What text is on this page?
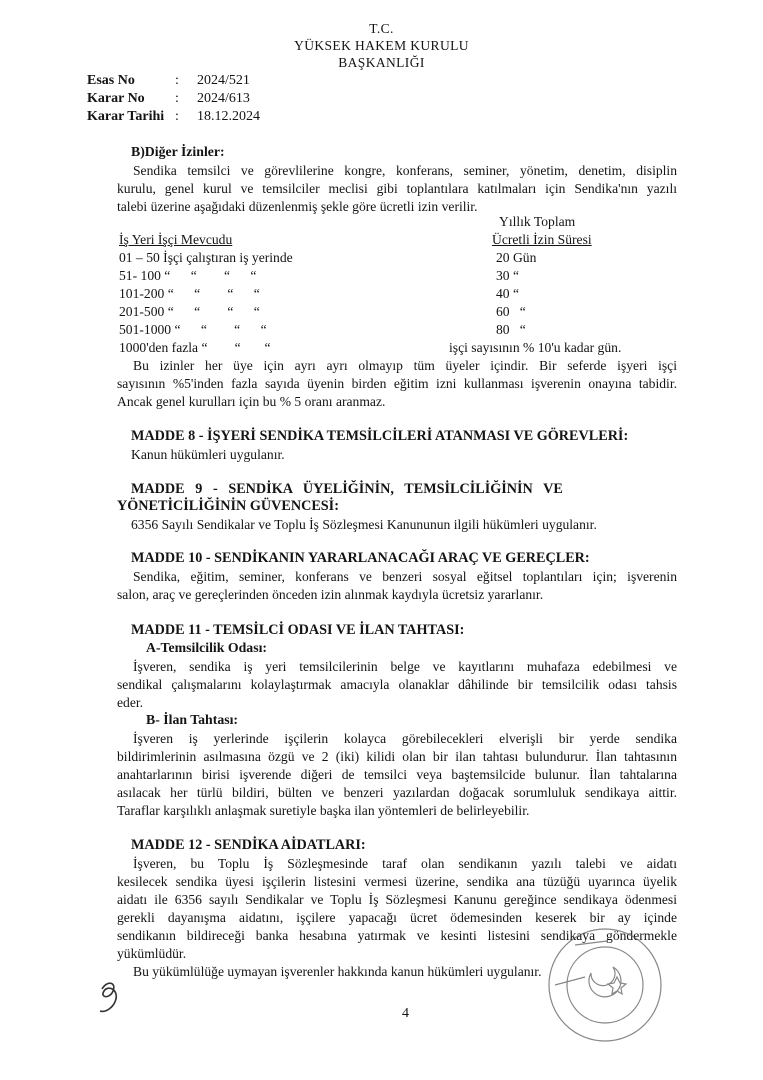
T.C.
YÜKSEK HAKEM KURULU
BAŞKANLIĞI
Esas No	: 2024/521
Karar No : 2024/613
Karar Tarihi : 18.12.2024
B)Diğer İzinler:
Sendika temsilci ve görevlilerine kongre, konferans, seminer, yönetim, denetim, disiplin
kurulu, genel kurul ve temsilciler meclisi gibi toplantılara katılmaları için Sendika'nın yazılı
talebi üzerine aşağıdaki düzenlenmiş şekle göre ücretli izin verilir.
Yıllık Toplam
İş Yeri İşçi Mevcudu	Ücretli İzin Süresi
01 – 50 İşçi çalıştıran iş yerinde	20 Gün
51- 100 “      “        “      “	30 “
101-200 “      “        “      “	40 “
201-500 “      “        “      “	60   “
501-1000 “      “        “      “	80   “
1000'den fazla “        “       “	işçi sayısının % 10'u kadar gün.
Bu izinler her üye için ayrı ayrı olmayıp tüm üyeler içindir. Bir seferde işyeri işçi
sayısının %5'inden fazla sayıda üyenin birden eğitim izni kullanması işverenin onayına tabidir.
Ancak genel kurulları için bu % 5 oranı aranmaz.
MADDE 8 - İŞYERİ SENDİKA TEMSİLCİLERİ ATANMASI VE GÖREVLERİ:
Kanun hükümleri uygulanır.
MADDE   9   -   SENDİKA   ÜYELİĞİNİN,   TEMSİLCİLİĞİNİN   VE
YÖNETİCİLİĞİNİN GÜVENCESİ:
6356 Sayılı Sendikalar ve Toplu İş Sözleşmesi Kanununun ilgili hükümleri uygulanır.
MADDE 10 - SENDİKANIN YARARLANACAĞI ARAÇ VE GEREÇLER:
Sendika, eğitim, seminer, konferans ve benzeri sosyal eğitsel toplantıları için; işverenin
salon, araç ve gereçlerinden önceden izin alınmak kaydıyla ücretsiz yararlanır.
MADDE 11 - TEMSİLCİ ODASI VE İLAN TAHTASI:
A-Temsilcilik Odası:
İşveren, sendika iş yeri temsilcilerinin belge ve kayıtlarını muhafaza edebilmesi ve
sendikal çalışmalarını kolaylaştırmak amacıyla olanaklar dâhilinde bir temsilcilik odası tahsis
eder.
B- İlan Tahtası:
İşveren iş yerlerinde işçilerin kolayca görebilecekleri elverişli bir yerde sendika
bildirimlerinin asılmasına özgü ve 2 (iki) kilidi olan bir ilan tahtası bulundurur. İlan tahtasının
anahtarlarının birisi işverende diğeri de temsilci veya baştemsilcide bulunur. İlan tahtalarına
asılacak her türlü bildiri, bülten ve benzeri yazılardan doğacak sorumluluk sendikaya aittir.
Taraflar karşılıklı anlaşmak suretiyle başka ilan yöntemleri de belirleyebilir.
MADDE 12 - SENDİKA AİDATLARI:
İşveren, bu Toplu İş Sözleşmesinde taraf olan sendikanın yazılı talebi ve aidatı
kesilecek sendika üyesi işçilerin listesini vermesi üzerine, sendika ana tüzüğü uyarınca üyelik
aidatı ile 6356 sayılı Sendikalar ve Toplu İş Sözleşmesi Kanunu gereğince sendikaya ödenmesi
gerekli dayanışma aidatını, işçilere yapacağı ücret ödemesinden keserek bir ay içinde
sendikanın bildireceği banka hesabına yatırmak ve kesinti listesini sendikaya göndermekle
yükümlüdür.
Bu yükümlülüğe uymayan işverenler hakkında kanun hükümleri uygulanır.
4
